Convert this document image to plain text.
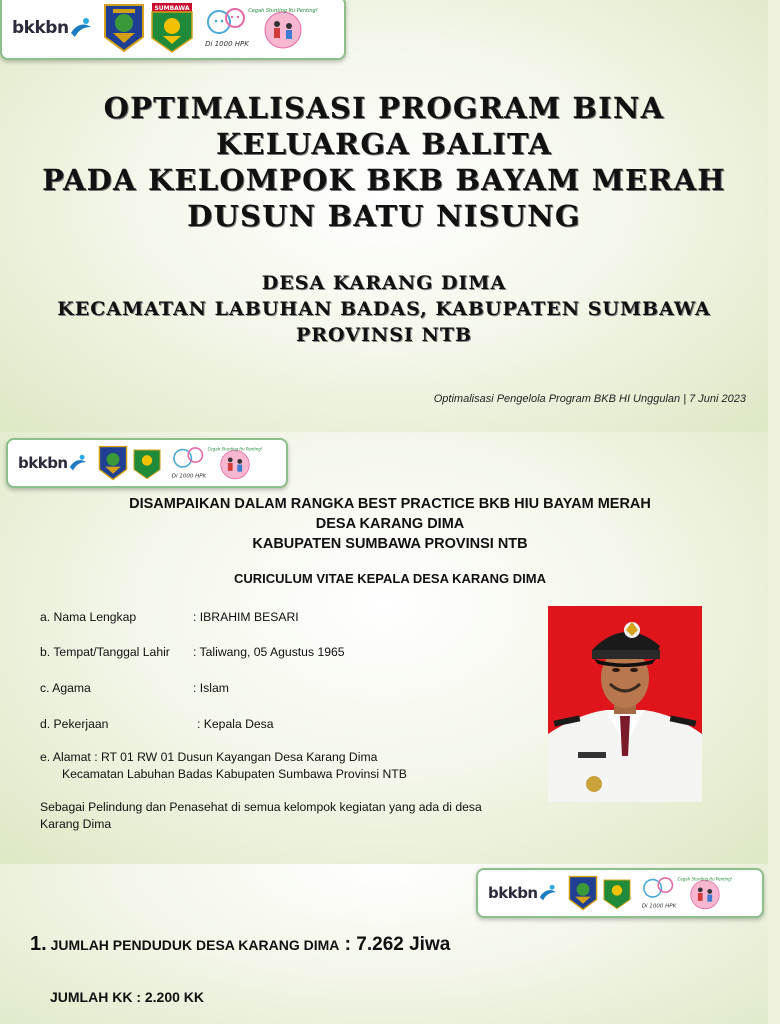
bkkbn
SUMBAWA
Di 1000 HPK
Cegah Stunting Itu Penting!
OPTIMALISASI PROGRAM BINA
KELUARGA BALITA
PADA KELOMPOK BKB BAYAM MERAH
DUSUN BATU NISUNG
DESA KARANG DIMA
KECAMATAN LABUHAN BADAS, KABUPATEN SUMBAWA
PROVINSI NTB
Optimalisasi Pengelola Program BKB HI Unggulan | 7 Juni 2023
bkkbn
Di 1000 HPK
Cegah Stunting Itu Penting!
DISAMPAIKAN DALAM RANGKA BEST PRACTICE BKB HIU BAYAM MERAH
DESA KARANG DIMA
KABUPATEN SUMBAWA PROVINSI NTB
CURICULUM VITAE KEPALA DESA KARANG DIMA
a. Nama Lengkap	: IBRAHIM BESARI
b. Tempat/Tanggal Lahir : Taliwang, 05 Agustus 1965
c. Agama	: Islam
d. Pekerjaan	: Kepala Desa
e. Alamat : RT 01 RW 01 Dusun Kayangan Desa Karang Dima
Kecamatan Labuhan Badas Kabupaten Sumbawa Provinsi NTB
Sebagai Pelindung dan Penasehat di semua kelompok kegiatan yang ada di desa Karang Dima
bkkbn
Di 1000 HPK
Cegah Stunting Itu Penting!
1. JUMLAH PENDUDUK DESA KARANG DIMA : 7.262 Jiwa
JUMLAH KK : 2.200 KK
